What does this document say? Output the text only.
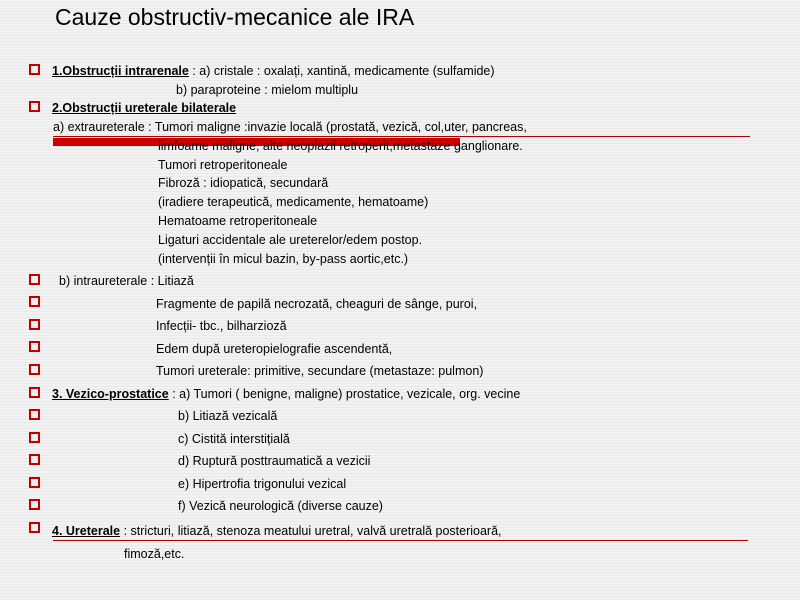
Cauze obstructiv-mecanice ale IRA
1.Obstrucții intrarenale : a) cristale : oxalați, xantină, medicamente (sulfamide)
b) paraproteine : mielom multiplu
2.Obstrucții ureterale bilaterale
a) extraureterale : Tumori maligne :invazie locală (prostată, vezică, col,uter, pancreas,
limfoame maligne, alte neoplazii retroperit,metastaze ganglionare.
Tumori retroperitoneale
Fibroză : idiopatică, secundară
(iradiere terapeutică, medicamente, hematoame)
Hematoame retroperitoneale
Ligaturi accidentale ale ureterelor/edem postop.
(intervenții în micul bazin, by-pass aortic,etc.)
b) intraureterale : Litiază
Fragmente de papilă necrozată, cheaguri de sânge, puroi,
Infecții- tbc., bilharzioză
Edem după ureteropielografie ascendentă,
Tumori ureterale: primitive, secundare (metastaze: pulmon)
3. Vezico-prostatice : a) Tumori ( benigne, maligne) prostatice, vezicale, org. vecine
b) Litiază vezicală
c) Cistită interstițială
d) Ruptură posttraumatică a vezicii
e) Hipertrofia trigonului vezical
f) Vezică neurologică (diverse cauze)
4. Ureterale : stricturi, litiază, stenoza meatului uretral, valvă uretrală posterioară,
fimoză,etc.
